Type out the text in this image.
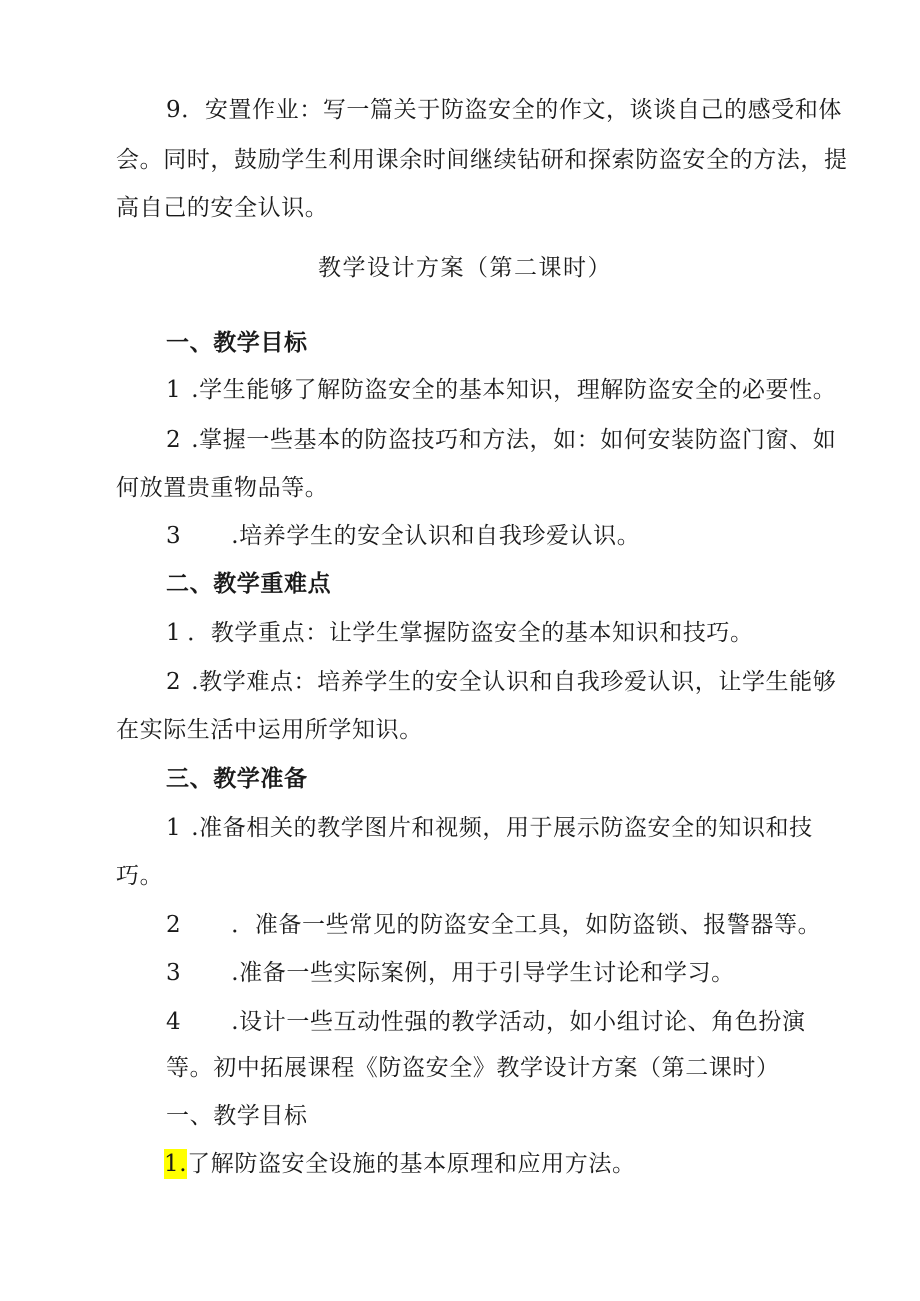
9．安置作业：写一篇关于防盗安全的作文，谈谈自己的感受和体
会。同时，鼓励学生利用课余时间继续钻研和探索防盗安全的方法，提
高自己的安全认识。
教学设计方案（第二课时）
一、教学目标
1 .学生能够了解防盗安全的基本知识，理解防盗安全的必要性。
2 .掌握一些基本的防盗技巧和方法，如：如何安装防盗门窗、如
何放置贵重物品等。
3 .培养学生的安全认识和自我珍爱认识。
二、教学重难点
1 ．教学重点：让学生掌握防盗安全的基本知识和技巧。
2 .教学难点：培养学生的安全认识和自我珍爱认识，让学生能够
在实际生活中运用所学知识。
三、教学准备
1 .准备相关的教学图片和视频，用于展示防盗安全的知识和技
巧。
2 ．准备一些常见的防盗安全工具，如防盗锁、报警器等。
3 .准备一些实际案例，用于引导学生讨论和学习。
4 .设计一些互动性强的教学活动，如小组讨论、角色扮演
等。初中拓展课程《防盗安全》教学设计方案（第二课时）
一、教学目标
1.了解防盗安全设施的基本原理和应用方法。
